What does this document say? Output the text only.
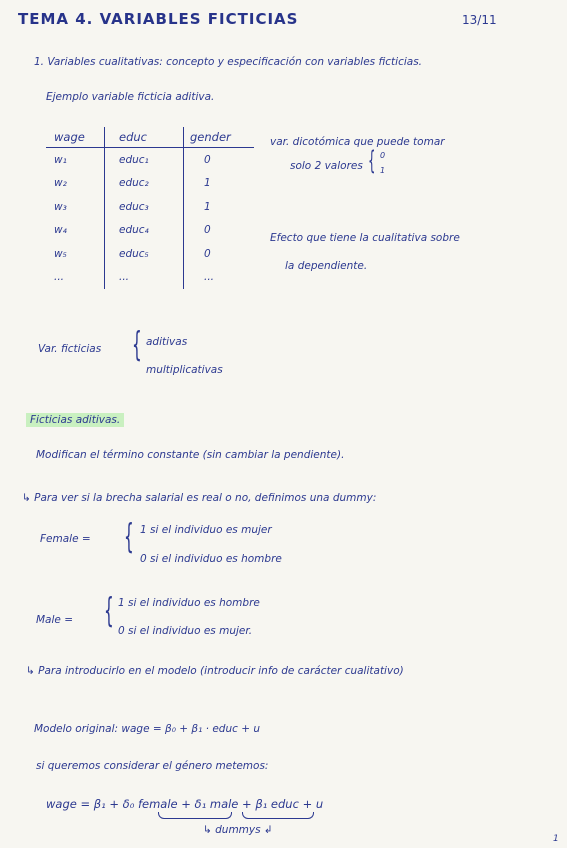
TEMA 4. VARIABLES FICTICIAS	13/11
1. Variables cualitativas: concepto y especificación con variables ficticias.
Ejemplo variable ficticia aditiva.
wage	educ	gender
w₁	educ₁	0
w₂	educ₂	1
w₃	educ₃	1
w₄	educ₄	0
w₅	educ₅	0
...	...	...
var. dicotómica que puede tomar
solo 2 valores { 0
1
Efecto que tiene la cualitativa sobre
la dependiente.
Var. ficticias { aditivas
multiplicativas
Ficticias aditivas.
Modifican el término constante (sin cambiar la pendiente).
↳ Para ver si la brecha salarial es real o no, definimos una dummy:
Female = { 1 si el individuo es mujer
0 si el individuo es hombre
Male = { 1 si el individuo es hombre
0 si el individuo es mujer.
↳ Para introducirlo en el modelo (introducir info de carácter cualitativo)
Modelo original: wage = β₀ + β₁ · educ + u
si queremos considerar el género metemos:
wage = β₁ + δ₀ female + δ₁ male + β₁ educ + u
↳ dummys ↲
1
